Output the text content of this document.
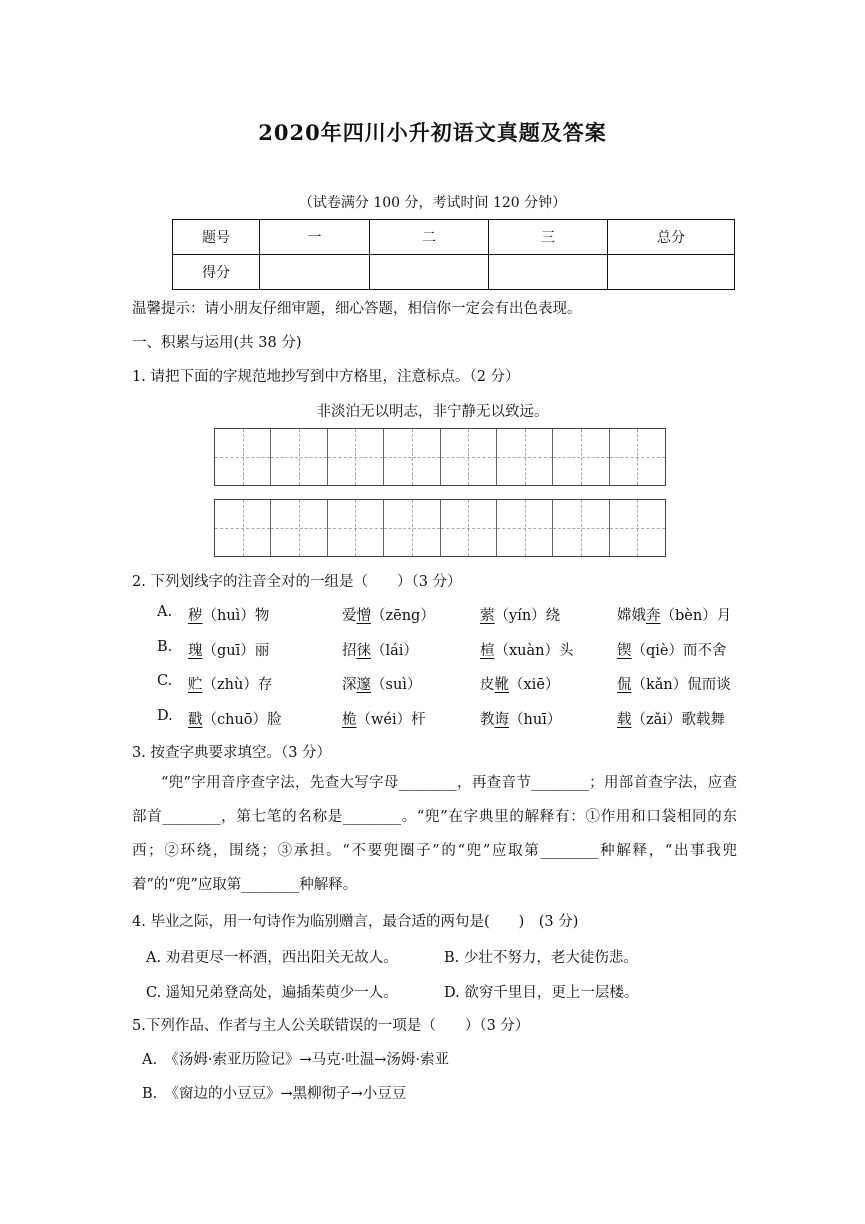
2020年四川小升初语文真题及答案
（试卷满分 100 分，考试时间 120 分钟）
题号	一	二	三	总分
得分				
温馨提示：请小朋友仔细审题，细心答题，相信你一定会有出色表现。
一、积累与运用(共 38 分)
1. 请把下面的字规范地抄写到中方格里，注意标点。（2 分）
非淡泊无以明志，非宁静无以致远。
2. 下列划线字的注音全对的一组是（　　）（3 分）
A. 秽（huì）物	爱憎（zēng）	萦（yín）绕	嫦娥奔（bèn）月
B. 瑰（guī）丽	招徕（lái）	楦（xuàn）头	锲（qiè）而不舍
C. 贮（zhù）存	深邃（suì）	皮靴（xiē）	侃（kǎn）侃而谈
D. 戳（chuō）脸	桅（wéi）杆	教诲（huī）	载（zǎi）歌载舞
3. 按查字典要求填空。（3 分）
“兜”字用音序查字法，先查大写字母________，再查音节________；用部首查字法，应查部首________，第七笔的名称是________。“兜”在字典里的解释有：①作用和口袋相同的东西；②环绕，围绕；③承担。“不要兜圈子”的“兜”应取第________种解释，“出事我兜着”的“兜”应取第________种解释。
4. 毕业之际，用一句诗作为临别赠言，最合适的两句是(　　)　(3 分)
A. 劝君更尽一杯酒，西出阳关无故人。	B. 少壮不努力，老大徒伤悲。
C. 遥知兄弟登高处，遍插茱萸少一人。	D. 欲穷千里目，更上一层楼。
5.下列作品、作者与主人公关联错误的一项是（　　）（3 分）
A.　《汤姆·索亚历险记》→马克·吐温→汤姆·索亚
B.　《窗边的小豆豆》→黑柳彻子→小豆豆
